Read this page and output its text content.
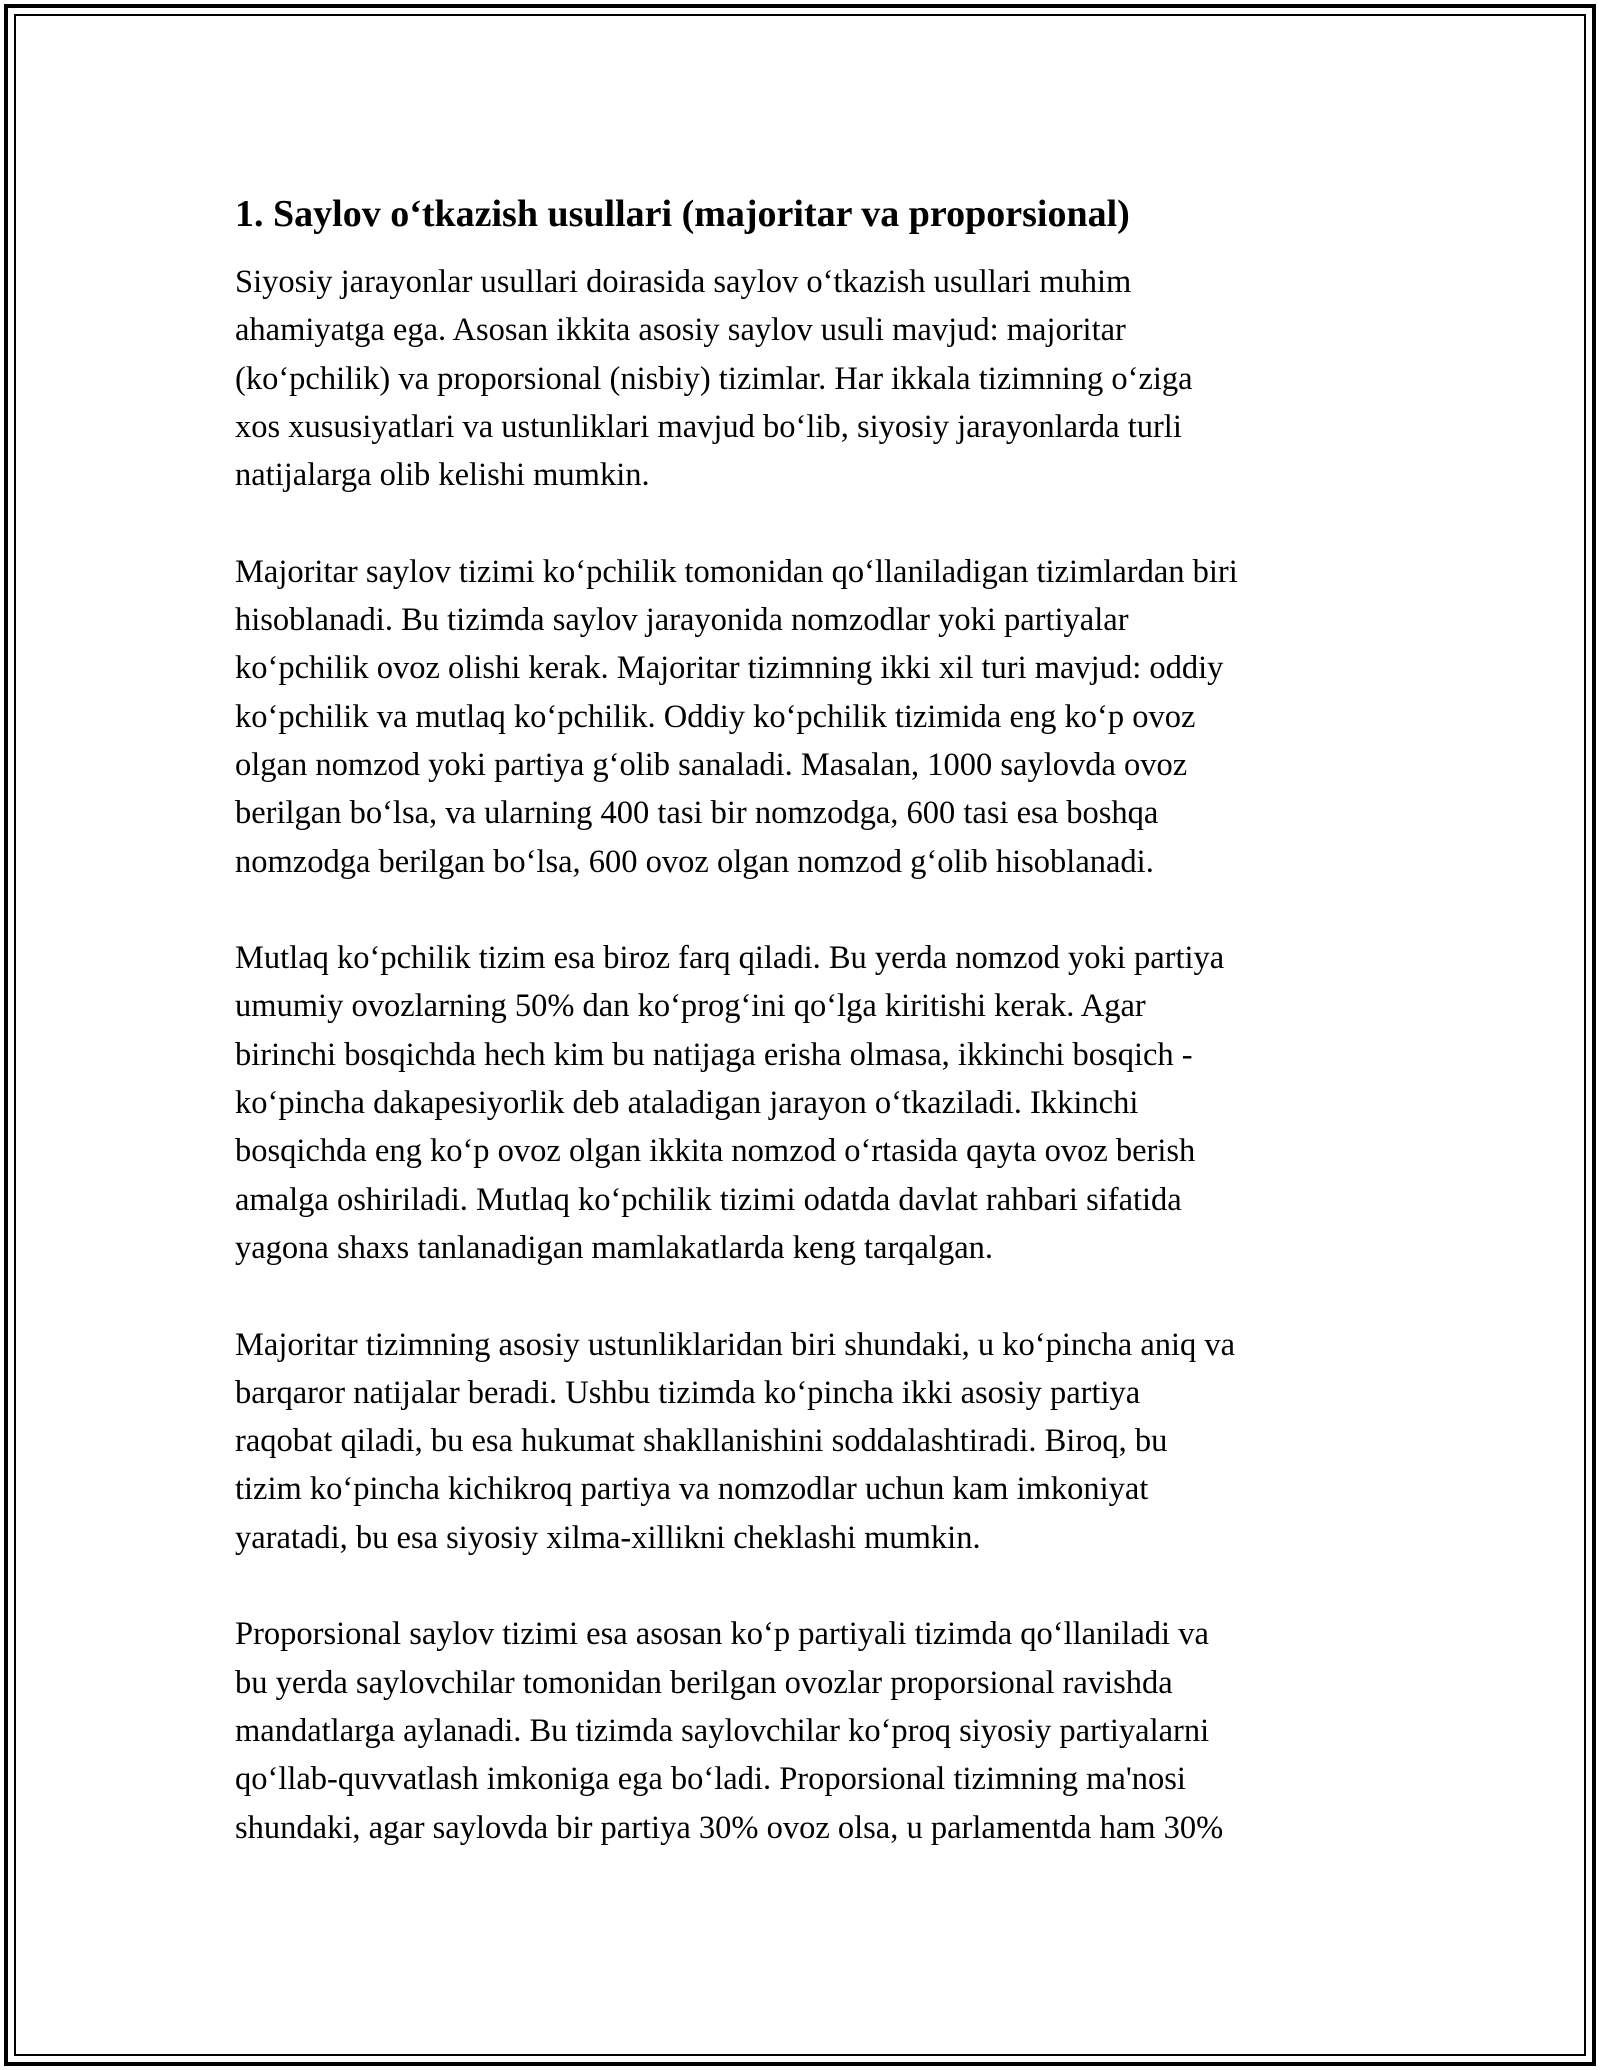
1. Saylov o‘tkazish usullari (majoritar va proporsional)

Siyosiy jarayonlar usullari doirasida saylov o‘tkazish usullari muhim
ahamiyatga ega. Asosan ikkita asosiy saylov usuli mavjud: majoritar
(ko‘pchilik) va proporsional (nisbiy) tizimlar. Har ikkala tizimning o‘ziga
xos xususiyatlari va ustunliklari mavjud bo‘lib, siyosiy jarayonlarda turli
natijalarga olib kelishi mumkin.

Majoritar saylov tizimi ko‘pchilik tomonidan qo‘llaniladigan tizimlardan biri
hisoblanadi. Bu tizimda saylov jarayonida nomzodlar yoki partiyalar
ko‘pchilik ovoz olishi kerak. Majoritar tizimning ikki xil turi mavjud: oddiy
ko‘pchilik va mutlaq ko‘pchilik. Oddiy ko‘pchilik tizimida eng ko‘p ovoz
olgan nomzod yoki partiya g‘olib sanaladi. Masalan, 1000 saylovda ovoz
berilgan bo‘lsa, va ularning 400 tasi bir nomzodga, 600 tasi esa boshqa
nomzodga berilgan bo‘lsa, 600 ovoz olgan nomzod g‘olib hisoblanadi.

Mutlaq ko‘pchilik tizim esa biroz farq qiladi. Bu yerda nomzod yoki partiya
umumiy ovozlarning 50% dan ko‘prog‘ini qo‘lga kiritishi kerak. Agar
birinchi bosqichda hech kim bu natijaga erisha olmasa, ikkinchi bosqich -
ko‘pincha dakapesiyorlik deb ataladigan jarayon o‘tkaziladi. Ikkinchi
bosqichda eng ko‘p ovoz olgan ikkita nomzod o‘rtasida qayta ovoz berish
amalga oshiriladi. Mutlaq ko‘pchilik tizimi odatda davlat rahbari sifatida
yagona shaxs tanlanadigan mamlakatlarda keng tarqalgan.

Majoritar tizimning asosiy ustunliklaridan biri shundaki, u ko‘pincha aniq va
barqaror natijalar beradi. Ushbu tizimda ko‘pincha ikki asosiy partiya
raqobat qiladi, bu esa hukumat shakllanishini soddalashtiradi. Biroq, bu
tizim ko‘pincha kichikroq partiya va nomzodlar uchun kam imkoniyat
yaratadi, bu esa siyosiy xilma-xillikni cheklashi mumkin.

Proporsional saylov tizimi esa asosan ko‘p partiyali tizimda qo‘llaniladi va
bu yerda saylovchilar tomonidan berilgan ovozlar proporsional ravishda
mandatlarga aylanadi. Bu tizimda saylovchilar ko‘proq siyosiy partiyalarni
qo‘llab-quvvatlash imkoniga ega bo‘ladi. Proporsional tizimning ma'nosi
shundaki, agar saylovda bir partiya 30% ovoz olsa, u parlamentda ham 30%
